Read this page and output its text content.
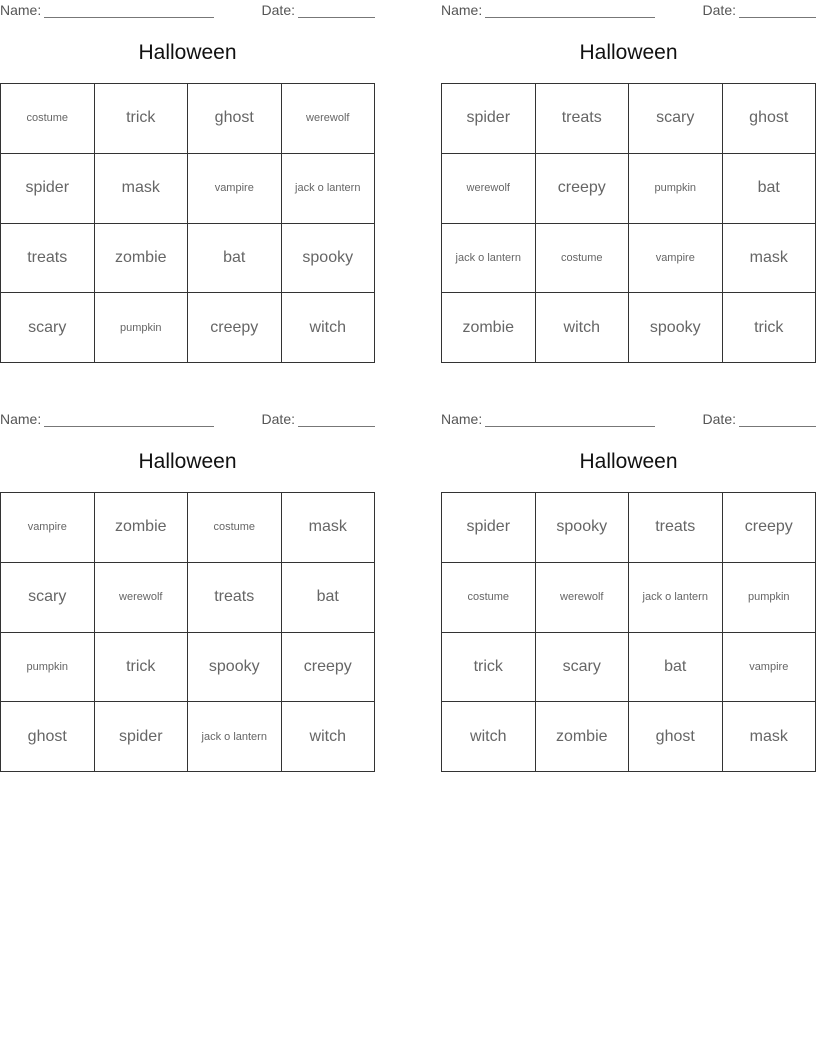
Name:	Date:
Halloween
costume	trick	ghost	werewolf
spider	mask	vampire	jack o lantern
treats	zombie	bat	spooky
scary	pumpkin	creepy	witch
Name:	Date:
Halloween
spider	treats	scary	ghost
werewolf	creepy	pumpkin	bat
jack o lantern	costume	vampire	mask
zombie	witch	spooky	trick
Name:	Date:
Halloween
vampire	zombie	costume	mask
scary	werewolf	treats	bat
pumpkin	trick	spooky	creepy
ghost	spider	jack o lantern	witch
Name:	Date:
Halloween
spider	spooky	treats	creepy
costume	werewolf	jack o lantern	pumpkin
trick	scary	bat	vampire
witch	zombie	ghost	mask
